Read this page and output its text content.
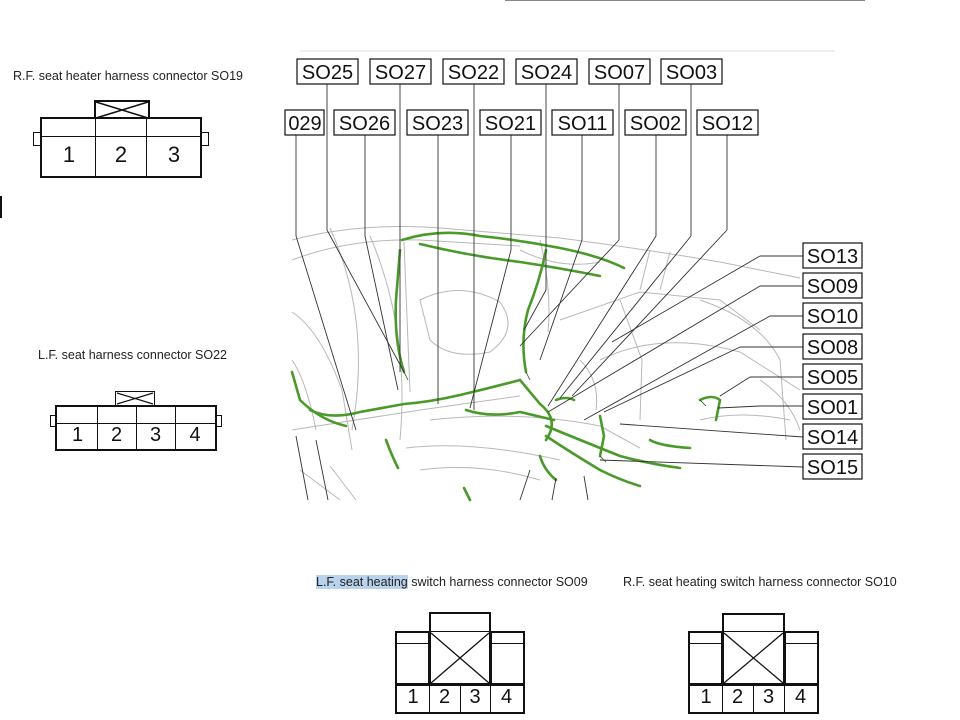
R.F. seat heater harness connector SO19
1	2	3
L.F. seat harness connector SO22
1	2	3	4
SO25 SO27 SO22 SO24 SO07 SO03
029 SO26 SO23 SO21 SO11 SO02 SO12
SO13
SO09
SO10
SO08
SO05
SO01
SO14
SO15
L.F. seat heating switch harness connector SO09	R.F. seat heating switch harness connector SO10
1	2 3	4	1	2 3	4
